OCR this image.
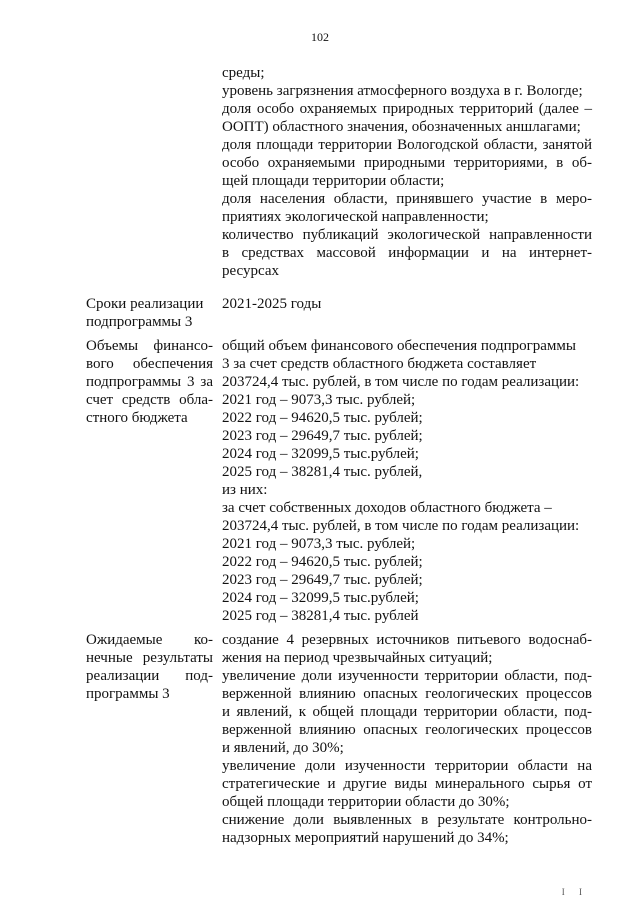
102
среды;
уровень загрязнения атмосферного воздуха в г. Вологде;
доля особо охраняемых природных территорий (далее –
ООПТ) областного значения, обозначенных аншлагами;
доля площади территории Вологодской области, занятой
особо охраняемыми природными территориями, в об-
щей площади территории области;
доля населения области, принявшего участие в меро-
приятиях экологической направленности;
количество публикаций экологической направленности
в средствах массовой информации и на интернет-
ресурсах
Сроки реализации
подпрограммы 3
2021-2025 годы
Объемы финансо-
вого обеспечения
подпрограммы 3 за
счет средств обла-
стного бюджета
общий объем финансового обеспечения подпрограммы
3 за счет средств областного бюджета составляет
203724,4 тыс. рублей, в том числе по годам реализации:
2021 год – 9073,3 тыс. рублей;
2022 год – 94620,5 тыс. рублей;
2023 год – 29649,7 тыс. рублей;
2024 год – 32099,5 тыс.рублей;
2025 год – 38281,4 тыс. рублей,
из них:
за счет собственных доходов областного бюджета –
203724,4 тыс. рублей, в том числе по годам реализации:
2021 год – 9073,3 тыс. рублей;
2022 год – 94620,5 тыс. рублей;
2023 год – 29649,7 тыс. рублей;
2024 год – 32099,5 тыс.рублей;
2025 год – 38281,4 тыс. рублей
Ожидаемые ко-
нечные результаты
реализации под-
программы 3
создание 4 резервных источников питьевого водоснаб-
жения на период чрезвычайных ситуаций;
увеличение доли изученности территории области, под-
верженной влиянию опасных геологических процессов
и явлений, к общей площади территории области, под-
верженной влиянию опасных геологических процессов
и явлений, до 30%;
увеличение доли изученности территории области на
стратегические и другие виды минерального сырья от
общей площади территории области до 30%;
снижение доли выявленных в результате контрольно-
надзорных мероприятий нарушений до 34%;
I I
